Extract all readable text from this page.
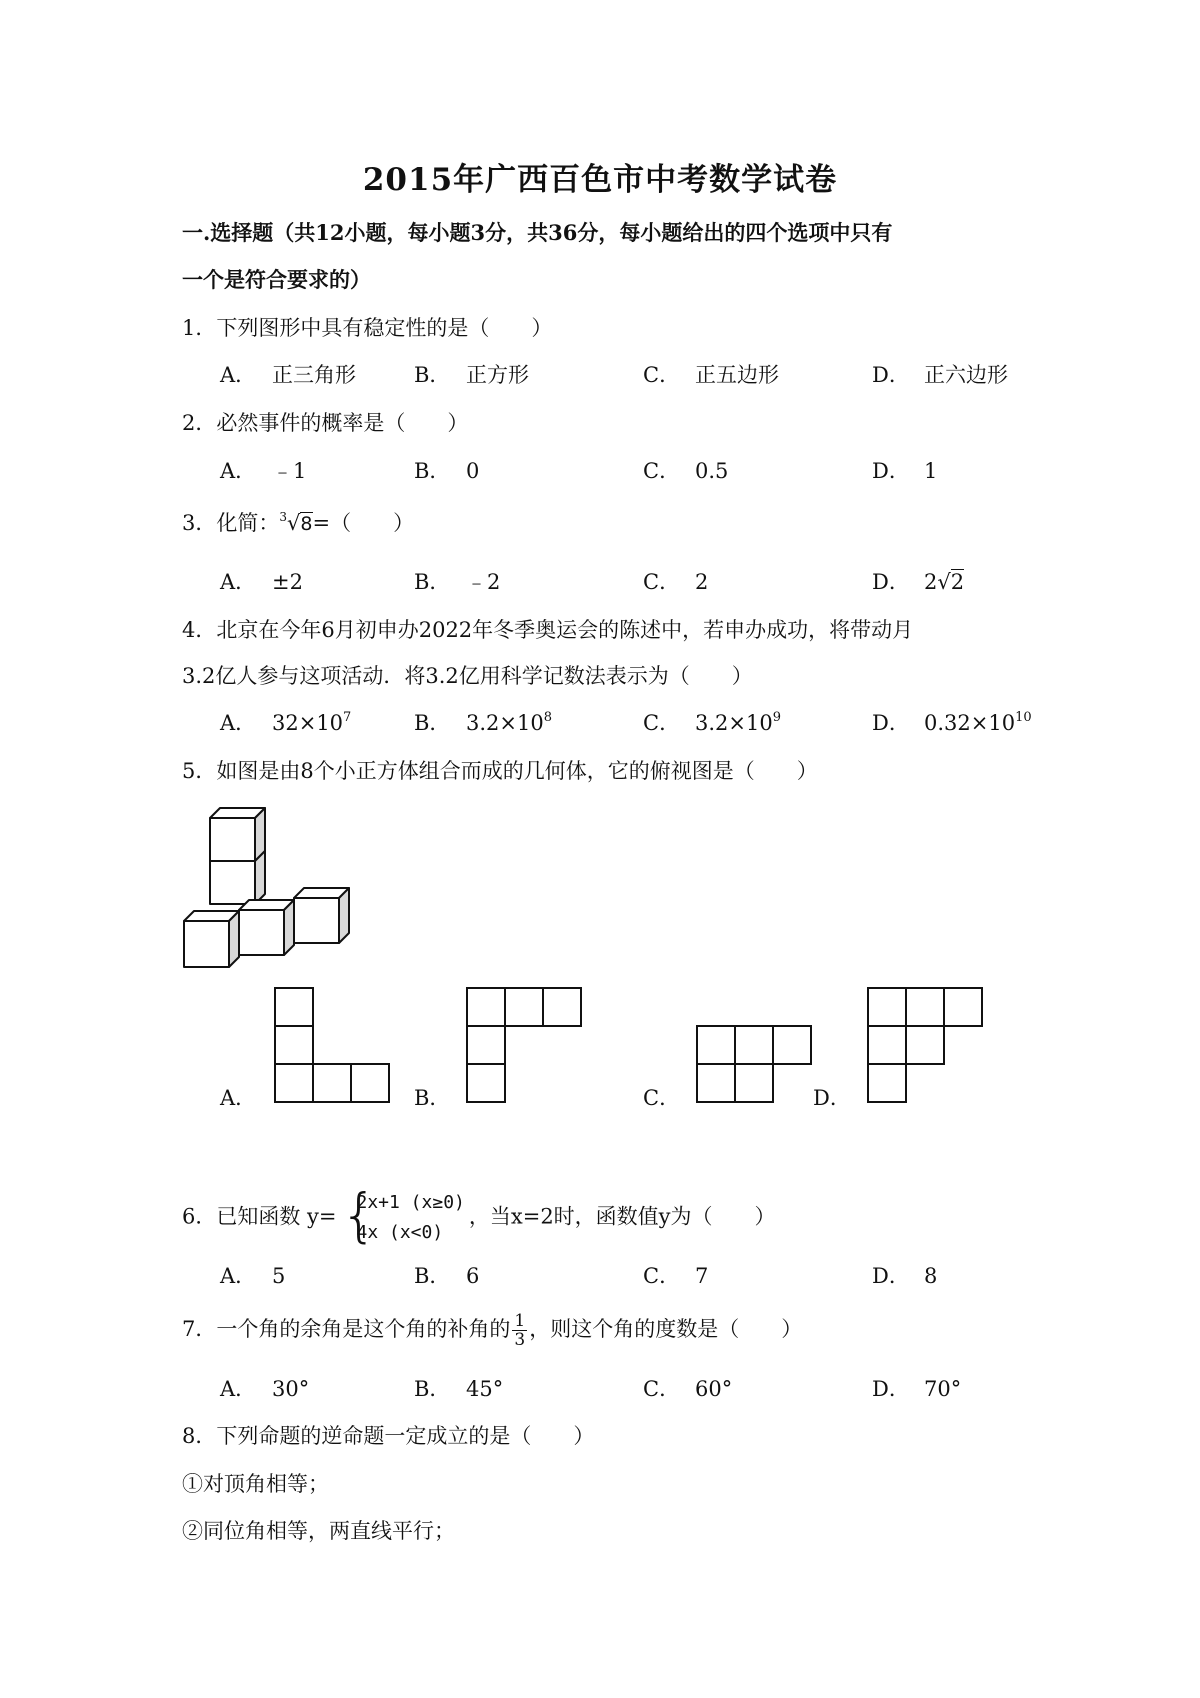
2015年广西百色市中考数学试卷
一.选择题（共12小题，每小题3分，共36分，每小题给出的四个选项中只有
一个是符合要求的）
1．下列图形中具有稳定性的是（　　）
A． 正三角形	B． 正方形	C． 正五边形	D． 正六边形
2．必然事件的概率是（　　）
A． ﹣1	B． 0	C． 0.5	D． 1
3．化简：$^3$√8=（　　）
A． ±2	B． ﹣2	C． 2	D． 2√2
4．北京在今年6月初申办2022年冬季奥运会的陈述中，若申办成功，将带动月
3.2亿人参与这项活动．将3.2亿用科学记数法表示为（　　）
A． $32\times 10^7$	B． $3.2\times 10^8$	C． $3.2\times 10^9$	D． $0.32\times 10^{10}$
5．如图是由8个小正方体组合而成的几何体，它的俯视图是（　　）
A．	B．	C．	D．
6．已知函数 y= {
2x+1 (x≥0)
4x (x<0)
，当x=2时，函数值y为（　　）
A． 5	B． 6	C． 7	D． 8
7．一个角的余角是这个角的补角的 $\frac{1}{3}$ ，则这个角的度数是（　　）
A． 30°	B． 45°	C． 60°	D． 70°
8．下列命题的逆命题一定成立的是（　　）
①对顶角相等；
②同位角相等，两直线平行；
